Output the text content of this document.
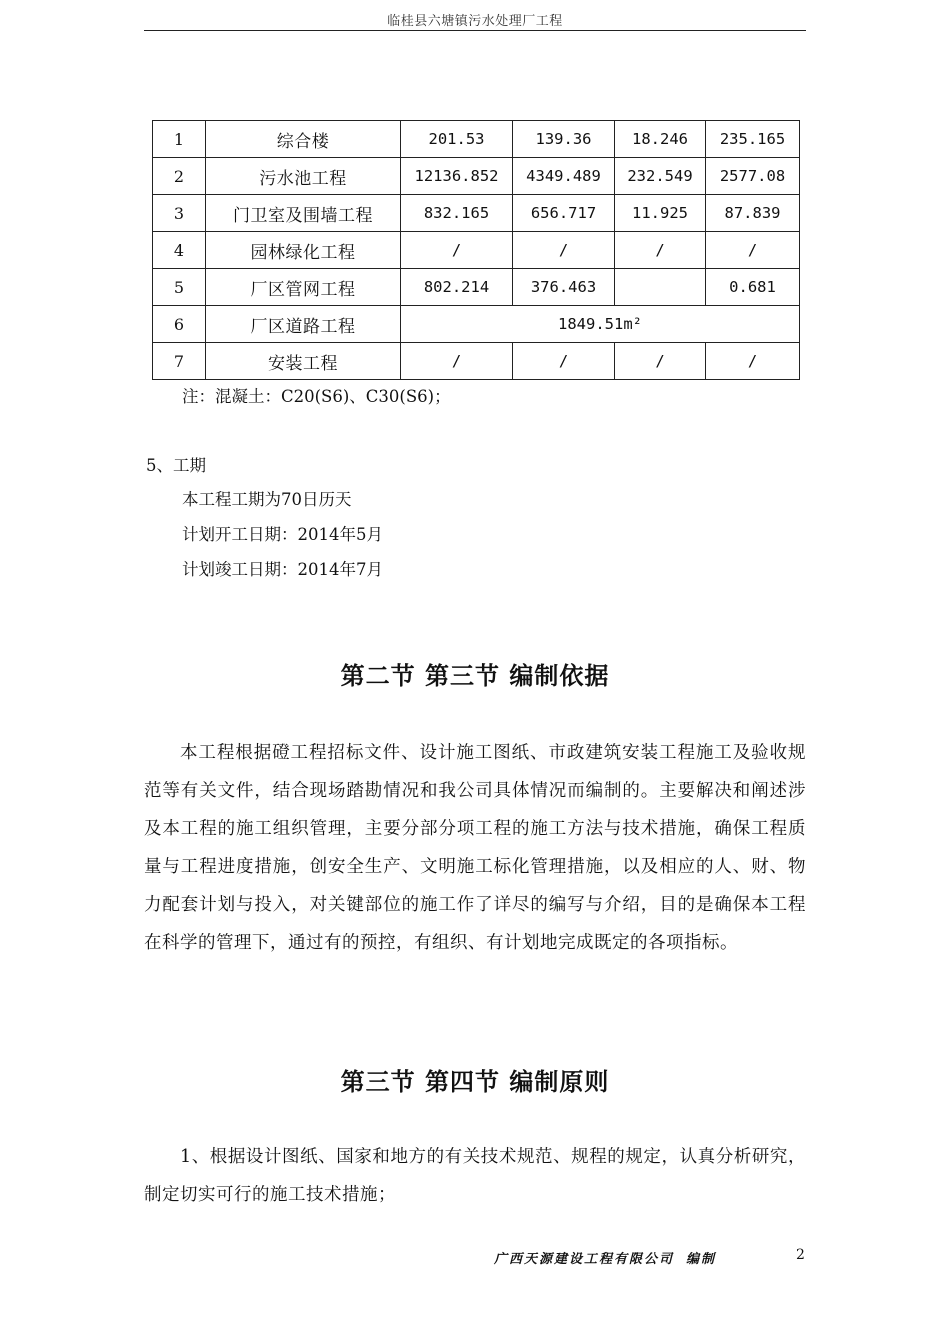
临桂县六塘镇污水处理厂工程
1	综合楼	201.53	139.36	18.246	235.165
2	污水池工程	12136.852	4349.489	232.549	2577.08
3	门卫室及围墙工程	832.165	656.717	11.925	87.839
4	园林绿化工程	/	/	/	/
5	厂区管网工程	802.214	376.463		0.681
6	厂区道路工程	1849.51m²			
7	安装工程	/	/	/	/
注：混凝土：C20(S6)、C30(S6)；
5、工期
本工程工期为70日历天
计划开工日期：2014年5月
计划竣工日期：2014年7月
第二节 第三节 编制依据
本工程根据磴工程招标文件、设计施工图纸、市政建筑安装工程施工及验收规范等有关文件，结合现场踏勘情况和我公司具体情况而编制的。主要解决和阐述涉及本工程的施工组织管理，主要分部分项工程的施工方法与技术措施，确保工程质量与工程进度措施，创安全生产、文明施工标化管理措施，以及相应的人、财、物力配套计划与投入，对关键部位的施工作了详尽的编写与介绍，目的是确保本工程在科学的管理下，通过有的预控，有组织、有计划地完成既定的各项指标。
第三节 第四节 编制原则
1、根据设计图纸、国家和地方的有关技术规范、规程的规定，认真分析研究，制定切实可行的施工技术措施；
广西天源建设工程有限公司 编制	2
